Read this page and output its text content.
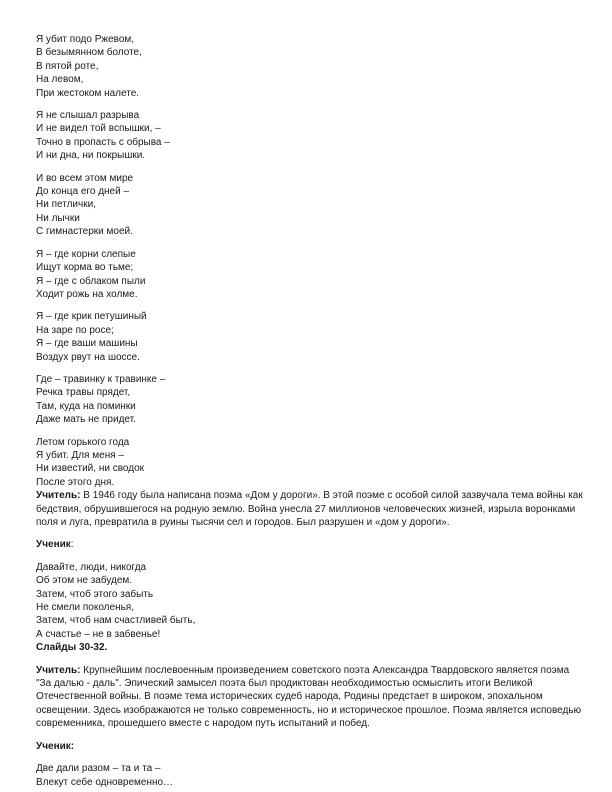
Я убит подо Ржевом,
В безымянном болоте,
В пятой роте,
На левом,
При жестоком налете.
Я не слышал разрыва
И не видел той вспышки, –
Точно в пропасть с обрыва –
И ни дна, ни покрышки.
И во всем этом мире
До конца его дней –
Ни петлички,
Ни лычки
С гимнастерки моей.
Я – где корни слепые
Ищут корма во тьме;
Я – где с облаком пыли
Ходит рожь на холме.
Я – где крик петушиный
На заре по росе;
Я – где ваши машины
Воздух рвут на шоссе.
Где – травинку к травинке –
Речка травы прядет,
Там, куда на поминки
Даже мать не придет.
Летом горького года
Я убит. Для меня –
Ни известий, ни сводок
После этого дня.

Учитель: В 1946 году была написана поэма «Дом у дороги». В этой поэме с особой силой зазвучала тема войны как бедствия, обрушившегося на родную землю. Война унесла 27 миллионов человеческих жизней, изрыла воронками поля и луга, превратила в руины тысячи сел и городов. Был разрушен и «дом у дороги».

Ученик:

Давайте, люди, никогда
Об этом не забудем.
Затем, чтоб этого забыть
Не смели поколенья,
Затем, чтоб нам счастливей быть,
А счастье – не в забвенье!

Слайды 30-32.

Учитель: Крупнейшим послевоенным произведением советского поэта Александра Твардовского является поэма "За далью - даль". Эпический замысел поэта был продиктован необходимостью осмыслить итоги Великой Отечественной войны. В поэме тема исторических судеб народа, Родины предстает в широком, эпохальном освещении. Здесь изображаются не только современность, но и историческое прошлое. Поэма является исповедью современника, прошедшего вместе с народом путь испытаний и побед.

Ученик:

Две дали разом – та и та –
Влекут себе одновременно…
